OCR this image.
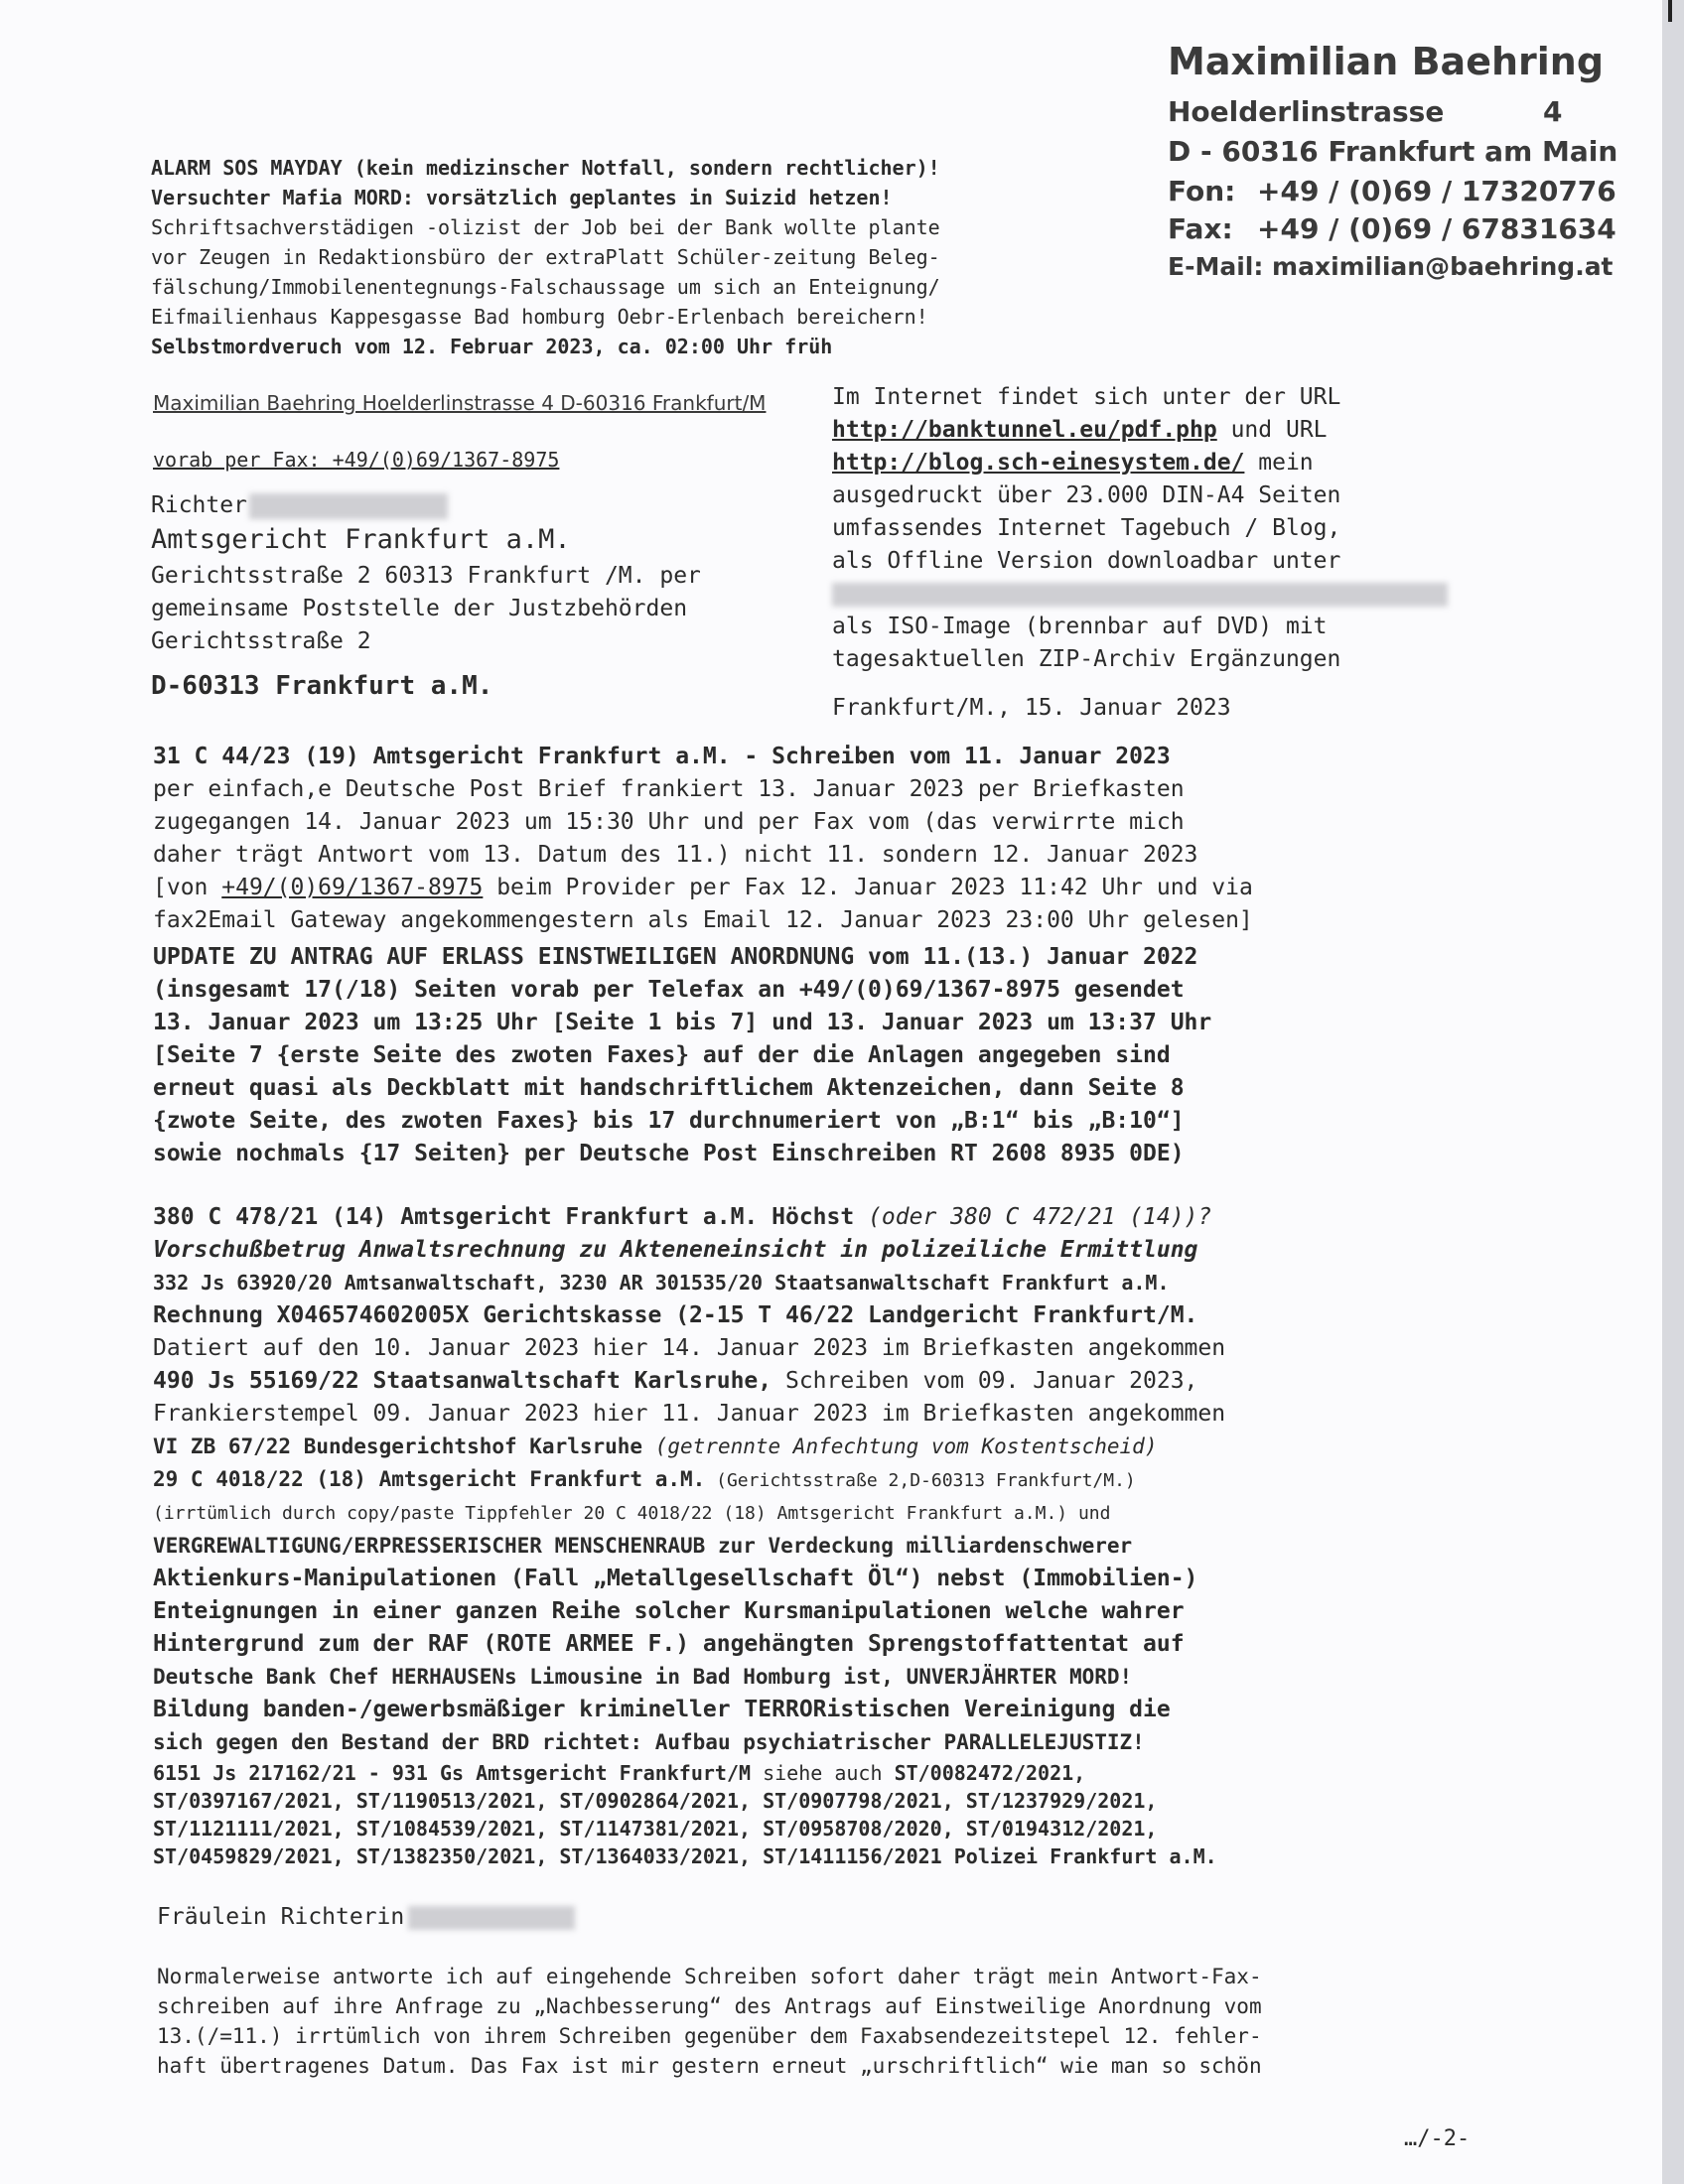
Maximilian Baehring
Hoelderlinstrasse	4
D - 60316 Frankfurt am Main
Fon: +49 / (0)69 / 17320776
Fax: +49 / (0)69 / 67831634
E-Mail: maximilian@baehring.at
ALARM SOS MAYDAY (kein medizinscher Notfall, sondern rechtlicher)!
Versuchter Mafia MORD: vorsätzlich geplantes in Suizid hetzen!
Schriftsachverstädigen -olizist der Job bei der Bank wollte plante
vor Zeugen in Redaktionsbüro der extraPlatt Schüler-zeitung Beleg-
fälschung/Immobilenentegnungs-Falschaussage um sich an Enteignung/
Eifmailienhaus Kappesgasse Bad homburg Oebr-Erlenbach bereichern!
Selbstmordveruch vom 12. Februar 2023, ca. 02:00 Uhr früh
Maximilian Baehring Hoelderlinstrasse 4 D-60316 Frankfurt/M
vorab per Fax: +49/(0)69/1367-8975
Richter
Amtsgericht Frankfurt a.M.
Gerichtsstraße 2 60313 Frankfurt /M. per
gemeinsame Poststelle der Justzbehörden
Gerichtsstraße 2
D-60313 Frankfurt a.M.
Im Internet findet sich unter der URL
http://banktunnel.eu/pdf.php und URL
http://blog.sch-einesystem.de/ mein
ausgedruckt über 23.000 DIN-A4 Seiten
umfassendes Internet Tagebuch / Blog,
als Offline Version downloadbar unter
als ISO-Image (brennbar auf DVD) mit
tagesaktuellen ZIP-Archiv Ergänzungen
Frankfurt/M., 15. Januar 2023
31 C 44/23 (19) Amtsgericht Frankfurt a.M. - Schreiben vom 11. Januar 2023
per einfach,e Deutsche Post Brief frankiert 13. Januar 2023 per Briefkasten
zugegangen 14. Januar 2023 um 15:30 Uhr und per Fax vom (das verwirrte mich
daher trägt Antwort vom 13. Datum des 11.) nicht 11. sondern 12. Januar 2023
[von +49/(0)69/1367-8975 beim Provider per Fax 12. Januar 2023 11:42 Uhr und via
fax2Email Gateway angekommengestern als Email 12. Januar 2023 23:00 Uhr gelesen]
UPDATE ZU ANTRAG AUF ERLASS EINSTWEILIGEN ANORDNUNG vom 11.(13.) Januar 2022
(insgesamt 17(/18) Seiten vorab per Telefax an +49/(0)69/1367-8975 gesendet
13. Januar 2023 um 13:25 Uhr [Seite 1 bis 7] und 13. Januar 2023 um 13:37 Uhr
[Seite 7 {erste Seite des zwoten Faxes} auf der die Anlagen angegeben sind
erneut quasi als Deckblatt mit handschriftlichem Aktenzeichen, dann Seite 8
{zwote Seite, des zwoten Faxes} bis 17 durchnumeriert von „B:1“ bis „B:10“]
sowie nochmals {17 Seiten} per Deutsche Post Einschreiben RT 2608 8935 0DE)
380 C 478/21 (14) Amtsgericht Frankfurt a.M. Höchst (oder 380 C 472/21 (14))?
Vorschußbetrug Anwaltsrechnung zu Akteneneinsicht in polizeiliche Ermittlung
332 Js 63920/20 Amtsanwaltschaft, 3230 AR 301535/20 Staatsanwaltschaft Frankfurt a.M.
Rechnung X046574602005X Gerichtskasse (2-15 T 46/22 Landgericht Frankfurt/M.
Datiert auf den 10. Januar 2023 hier 14. Januar 2023 im Briefkasten angekommen
490 Js 55169/22 Staatsanwaltschaft Karlsruhe, Schreiben vom 09. Januar 2023,
Frankierstempel 09. Januar 2023 hier 11. Januar 2023 im Briefkasten angekommen
VI ZB 67/22 Bundesgerichtshof Karlsruhe (getrennte Anfechtung vom Kostentscheid)
29 C 4018/22 (18) Amtsgericht Frankfurt a.M. (Gerichtsstraße 2,D-60313 Frankfurt/M.)
(irrtümlich durch copy/paste Tippfehler 20 C 4018/22 (18) Amtsgericht Frankfurt a.M.) und
VERGREWALTIGUNG/ERPRESSERISCHER MENSCHENRAUB zur Verdeckung milliardenschwerer
Aktienkurs-Manipulationen (Fall „Metallgesellschaft Öl“) nebst (Immobilien-)
Enteignungen in einer ganzen Reihe solcher Kursmanipulationen welche wahrer
Hintergrund zum der RAF (ROTE ARMEE F.) angehängten Sprengstoffattentat auf
Deutsche Bank Chef HERHAUSENs Limousine in Bad Homburg ist, UNVERJÄHRTER MORD!
Bildung banden-/gewerbsmäßiger krimineller TERRORistischen Vereinigung die
sich gegen den Bestand der BRD richtet: Aufbau psychiatrischer PARALLELEJUSTIZ!
6151 Js 217162/21 - 931 Gs Amtsgericht Frankfurt/M siehe auch ST/0082472/2021,
ST/0397167/2021, ST/1190513/2021, ST/0902864/2021, ST/0907798/2021, ST/1237929/2021,
ST/1121111/2021, ST/1084539/2021, ST/1147381/2021, ST/0958708/2020, ST/0194312/2021,
ST/0459829/2021, ST/1382350/2021, ST/1364033/2021, ST/1411156/2021 Polizei Frankfurt a.M.
Fräulein Richterin
Normalerweise antworte ich auf eingehende Schreiben sofort daher trägt mein Antwort-Fax-
schreiben auf ihre Anfrage zu „Nachbesserung“ des Antrags auf Einstweilige Anordnung vom
13.(/=11.) irrtümlich von ihrem Schreiben gegenüber dem Faxabsendezeitstepel 12. fehler-
haft übertragenes Datum. Das Fax ist mir gestern erneut „urschriftlich“ wie man so schön
…/-2-
